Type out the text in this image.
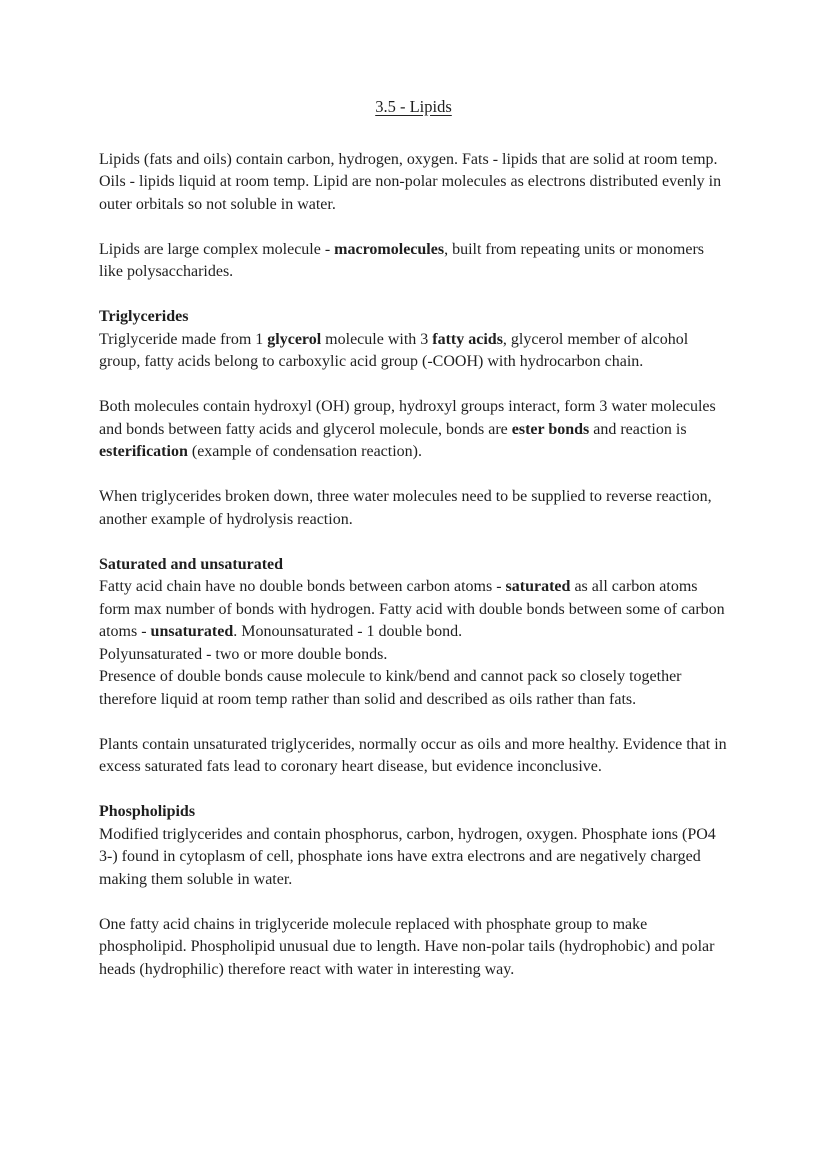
3.5 - Lipids

Lipids (fats and oils) contain carbon, hydrogen, oxygen. Fats - lipids that are solid at room temp. Oils - lipids liquid at room temp. Lipid are non-polar molecules as electrons distributed evenly in outer orbitals so not soluble in water.

Lipids are large complex molecule - macromolecules, built from repeating units or monomers like polysaccharides.

Triglycerides

Triglyceride made from 1 glycerol molecule with 3 fatty acids, glycerol member of alcohol group, fatty acids belong to carboxylic acid group (-COOH) with hydrocarbon chain.

Both molecules contain hydroxyl (OH) group, hydroxyl groups interact, form 3 water molecules and bonds between fatty acids and glycerol molecule, bonds are ester bonds and reaction is esterification (example of condensation reaction).

When triglycerides broken down, three water molecules need to be supplied to reverse reaction, another example of hydrolysis reaction.

Saturated and unsaturated

Fatty acid chain have no double bonds between carbon atoms - saturated as all carbon atoms form max number of bonds with hydrogen. Fatty acid with double bonds between some of carbon atoms - unsaturated. Monounsaturated - 1 double bond.
Polyunsaturated - two or more double bonds.
Presence of double bonds cause molecule to kink/bend and cannot pack so closely together therefore liquid at room temp rather than solid and described as oils rather than fats.

Plants contain unsaturated triglycerides, normally occur as oils and more healthy. Evidence that in excess saturated fats lead to coronary heart disease, but evidence inconclusive.

Phospholipids

Modified triglycerides and contain phosphorus, carbon, hydrogen, oxygen. Phosphate ions (PO4 3-) found in cytoplasm of cell, phosphate ions have extra electrons and are negatively charged making them soluble in water.

One fatty acid chains in triglyceride molecule replaced with phosphate group to make phospholipid. Phospholipid unusual due to length. Have non-polar tails (hydrophobic) and polar heads (hydrophilic) therefore react with water in interesting way.
